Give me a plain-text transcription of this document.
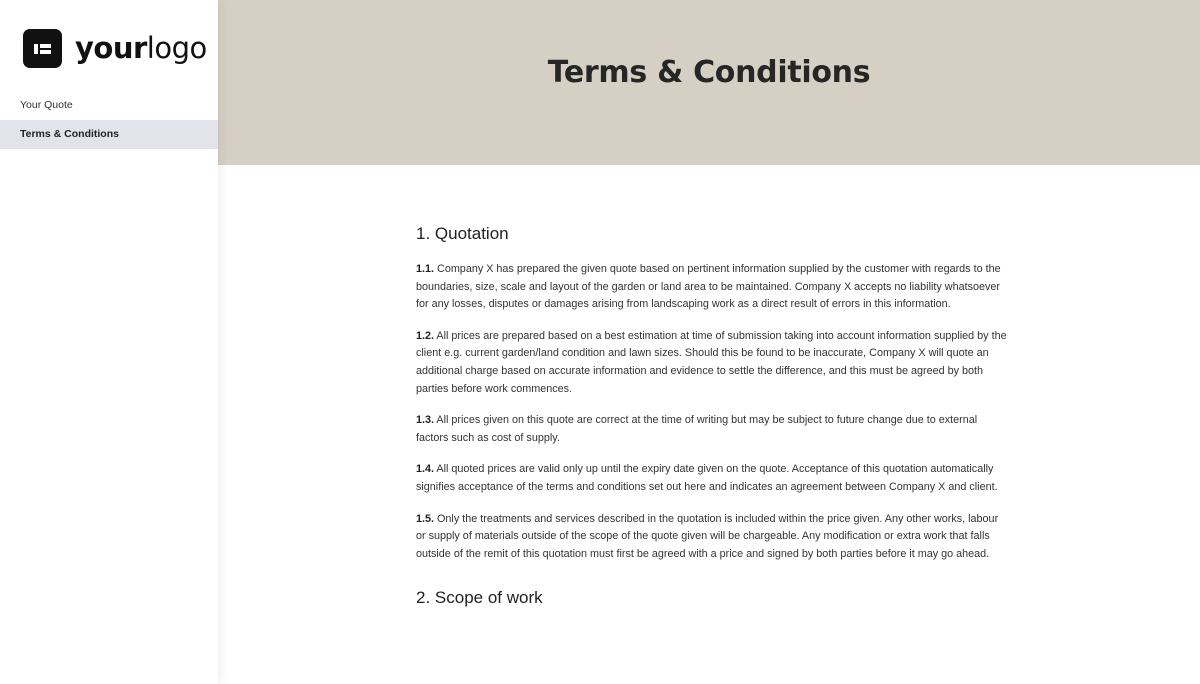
yourlogo
Your Quote
Terms & Conditions
Terms & Conditions
1. Quotation

1.1. Company X has prepared the given quote based on pertinent information supplied by the customer with regards to the boundaries, size, scale and layout of the garden or land area to be maintained. Company X accepts no liability whatsoever for any losses, disputes or damages arising from landscaping work as a direct result of errors in this information.

1.2. All prices are prepared based on a best estimation at time of submission taking into account information supplied by the client e.g. current garden/land condition and lawn sizes. Should this be found to be inaccurate, Company X will quote an additional charge based on accurate information and evidence to settle the difference, and this must be agreed by both parties before work commences.

1.3. All prices given on this quote are correct at the time of writing but may be subject to future change due to external factors such as cost of supply.

1.4. All quoted prices are valid only up until the expiry date given on the quote. Acceptance of this quotation automatically signifies acceptance of the terms and conditions set out here and indicates an agreement between Company X and client.

1.5. Only the treatments and services described in the quotation is included within the price given. Any other works, labour or supply of materials outside of the scope of the quote given will be chargeable. Any modification or extra work that falls outside of the remit of this quotation must first be agreed with a price and signed by both parties before it may go ahead.

2. Scope of work
